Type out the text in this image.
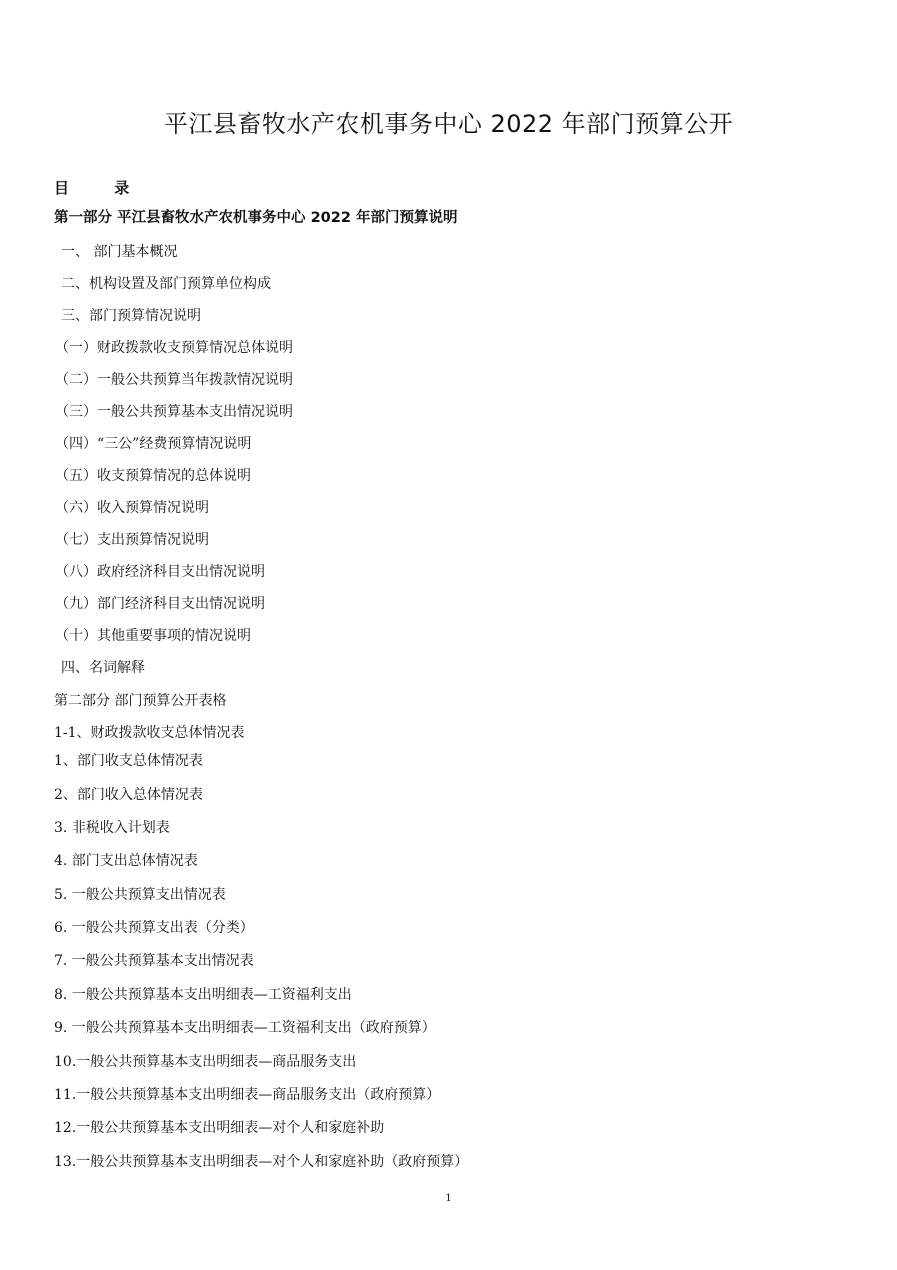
平江县畜牧水产农机事务中心 2022 年部门预算公开
目 录
第一部分 平江县畜牧水产农机事务中心 2022 年部门预算说明
一、 部门基本概况
二、机构设置及部门预算单位构成
三、部门预算情况说明
（一）财政拨款收支预算情况总体说明
（二）一般公共预算当年拨款情况说明
（三）一般公共预算基本支出情况说明
（四）“三公”经费预算情况说明
（五）收支预算情况的总体说明
（六）收入预算情况说明
（七）支出预算情况说明
（八）政府经济科目支出情况说明
（九）部门经济科目支出情况说明
（十）其他重要事项的情况说明
四、名词解释
第二部分 部门预算公开表格
1-1、财政拨款收支总体情况表
1、部门收支总体情况表
2、部门收入总体情况表
3. 非税收入计划表
4. 部门支出总体情况表
5. 一般公共预算支出情况表
6. 一般公共预算支出表（分类）
7. 一般公共预算基本支出情况表
8. 一般公共预算基本支出明细表—工资福利支出
9. 一般公共预算基本支出明细表—工资福利支出（政府预算）
10.一般公共预算基本支出明细表—商品服务支出
11.一般公共预算基本支出明细表—商品服务支出（政府预算）
12.一般公共预算基本支出明细表—对个人和家庭补助
13.一般公共预算基本支出明细表—对个人和家庭补助（政府预算）
1
